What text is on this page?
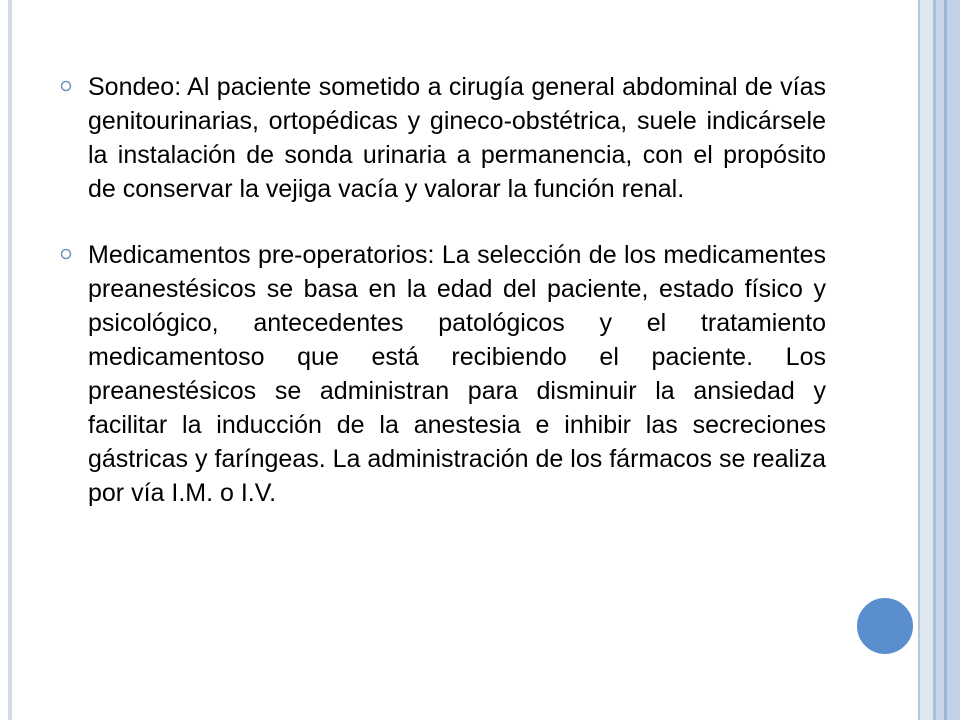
Sondeo: Al paciente sometido a cirugía general abdominal de vías genitourinarias, ortopédicas y gineco-obstétrica, suele indicársele la instalación de sonda urinaria a permanencia, con el propósito de conservar la vejiga vacía y valorar la función renal.

Medicamentos pre-operatorios: La selección de los medicamentes preanestésicos se basa en la edad del paciente, estado físico y psicológico, antecedentes patológicos y el tratamiento medicamentoso que está recibiendo el paciente. Los preanestésicos se administran para disminuir la ansiedad y facilitar la inducción de la anestesia e inhibir las secreciones gástricas y faríngeas. La administración de los fármacos se realiza por vía I.M. o I.V.
